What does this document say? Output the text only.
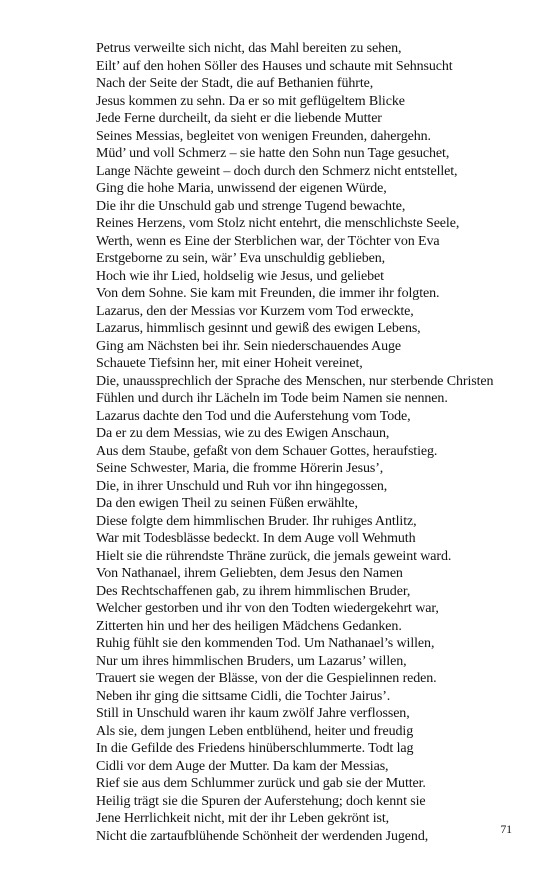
Petrus verweilte sich nicht, das Mahl bereiten zu sehen,
Eilt’ auf den hohen Söller des Hauses und schaute mit Sehnsucht
Nach der Seite der Stadt, die auf Bethanien führte,
Jesus kommen zu sehn. Da er so mit geflügeltem Blicke
Jede Ferne durcheilt, da sieht er die liebende Mutter
Seines Messias, begleitet von wenigen Freunden, dahergehn.
Müd’ und voll Schmerz – sie hatte den Sohn nun Tage gesuchet,
Lange Nächte geweint – doch durch den Schmerz nicht entstellet,
Ging die hohe Maria, unwissend der eigenen Würde,
Die ihr die Unschuld gab und strenge Tugend bewachte,
Reines Herzens, vom Stolz nicht entehrt, die menschlichste Seele,
Werth, wenn es Eine der Sterblichen war, der Töchter von Eva
Erstgeborne zu sein, wär’ Eva unschuldig geblieben,
Hoch wie ihr Lied, holdselig wie Jesus, und geliebet
Von dem Sohne. Sie kam mit Freunden, die immer ihr folgten.
Lazarus, den der Messias vor Kurzem vom Tod erweckte,
Lazarus, himmlisch gesinnt und gewiß des ewigen Lebens,
Ging am Nächsten bei ihr. Sein niederschauendes Auge
Schauete Tiefsinn her, mit einer Hoheit vereinet,
Die, unaussprechlich der Sprache des Menschen, nur sterbende Christen
Fühlen und durch ihr Lächeln im Tode beim Namen sie nennen.
Lazarus dachte den Tod und die Auferstehung vom Tode,
Da er zu dem Messias, wie zu des Ewigen Anschaun,
Aus dem Staube, gefaßt von dem Schauer Gottes, heraufstieg.
Seine Schwester, Maria, die fromme Hörerin Jesus’,
Die, in ihrer Unschuld und Ruh vor ihn hingegossen,
Da den ewigen Theil zu seinen Füßen erwählte,
Diese folgte dem himmlischen Bruder. Ihr ruhiges Antlitz,
War mit Todesblässe bedeckt. In dem Auge voll Wehmuth
Hielt sie die rührendste Thräne zurück, die jemals geweint ward.
Von Nathanael, ihrem Geliebten, dem Jesus den Namen
Des Rechtschaffenen gab, zu ihrem himmlischen Bruder,
Welcher gestorben und ihr von den Todten wiedergekehrt war,
Zitterten hin und her des heiligen Mädchens Gedanken.
Ruhig fühlt sie den kommenden Tod. Um Nathanael’s willen,
Nur um ihres himmlischen Bruders, um Lazarus’ willen,
Trauert sie wegen der Blässe, von der die Gespielinnen reden.
Neben ihr ging die sittsame Cidli, die Tochter Jairus’.
Still in Unschuld waren ihr kaum zwölf Jahre verflossen,
Als sie, dem jungen Leben entblühend, heiter und freudig
In die Gefilde des Friedens hinüberschlummerte. Todt lag
Cidli vor dem Auge der Mutter. Da kam der Messias,
Rief sie aus dem Schlummer zurück und gab sie der Mutter.
Heilig trägt sie die Spuren der Auferstehung; doch kennt sie
Jene Herrlichkeit nicht, mit der ihr Leben gekrönt ist,
Nicht die zartaufblühende Schönheit der werdenden Jugend,	71
